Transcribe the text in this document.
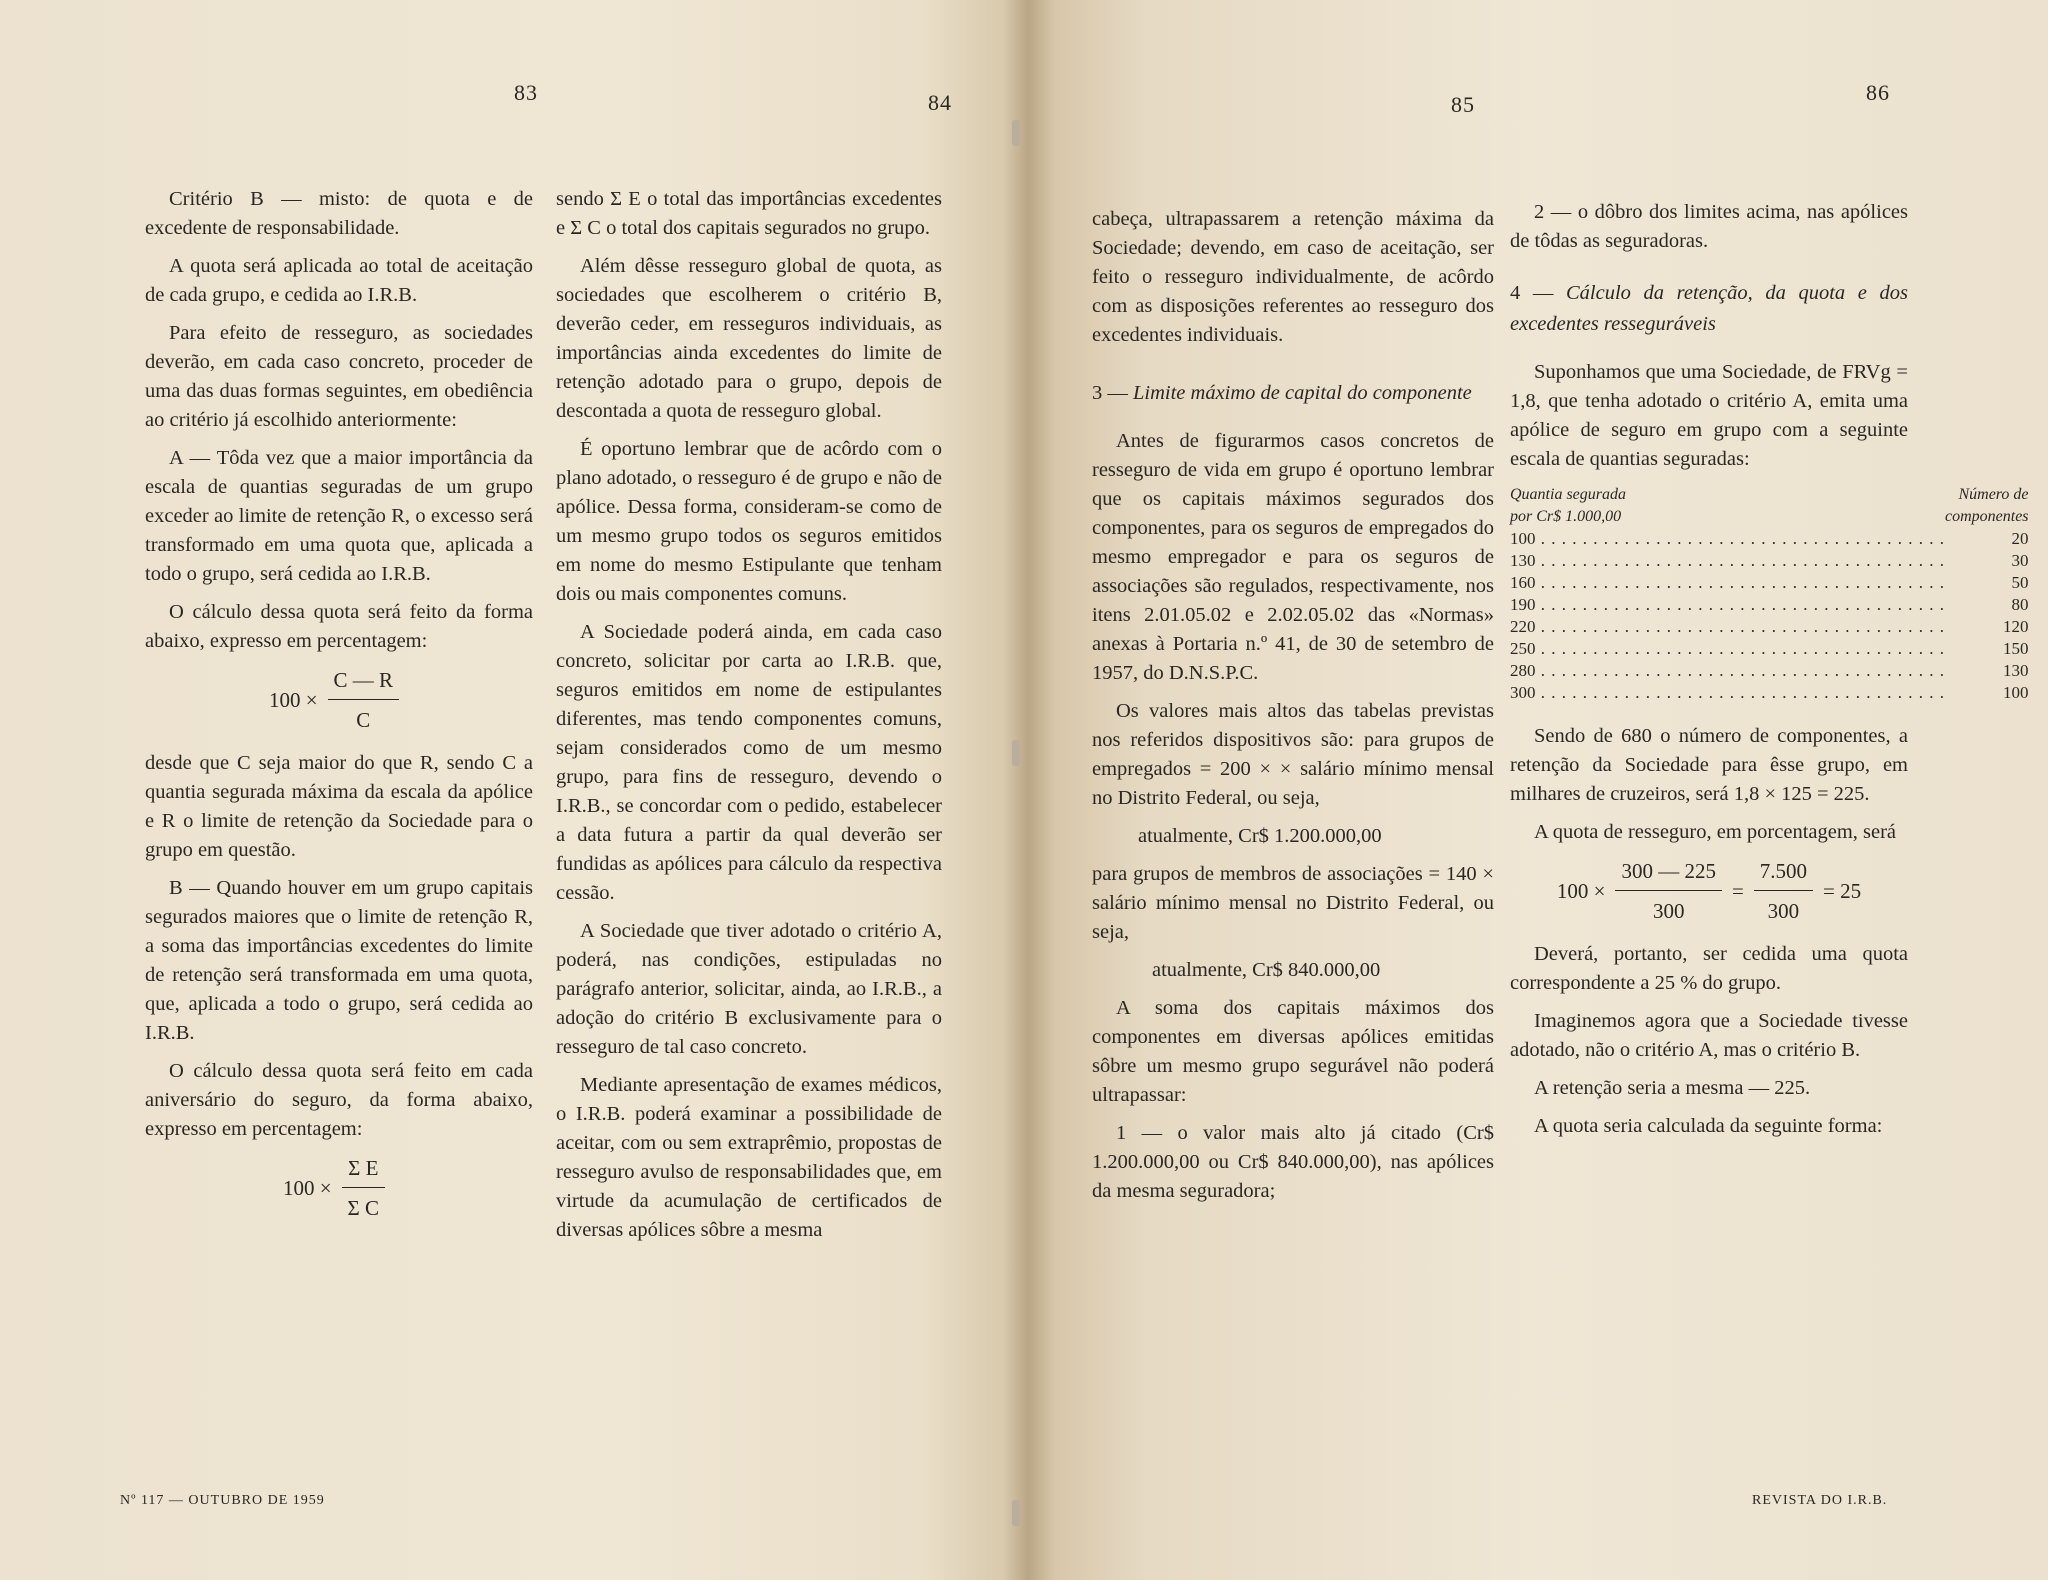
83	84

Critério B — misto: de quota e de excedente de responsabilidade.

A quota será aplicada ao total de aceitação de cada grupo, e cedida ao I.R.B.

Para efeito de resseguro, as sociedades deverão, em cada caso concreto, proceder de uma das duas formas seguintes, em obediência ao critério já escolhido anteriormente:

A — Tôda vez que a maior importância da escala de quantias seguradas de um grupo exceder ao limite de retenção R, o excesso será transformado em uma quota que, aplicada a todo o grupo, será cedida ao I.R.B.

O cálculo dessa quota será feito da forma abaixo, expresso em percentagem:

$100 \times \frac{C — R}{C}$

desde que C seja maior do que R, sendo C a quantia segurada máxima da escala da apólice e R o limite de retenção da Sociedade para o grupo em questão.

B — Quando houver em um grupo capitais segurados maiores que o limite de retenção R, a soma das importâncias excedentes do limite de retenção será transformada em uma quota, que, aplicada a todo o grupo, será cedida ao I.R.B.

O cálculo dessa quota será feito em cada aniversário do seguro, da forma abaixo, expresso em percentagem:

$100 \times \frac{\text{Σ E}}{\text{Σ C}}$

sendo Σ E o total das importâncias excedentes e Σ C o total dos capitais segurados no grupo.

Além dêsse resseguro global de quota, as sociedades que escolherem o critério B, deverão ceder, em resseguros individuais, as importâncias ainda excedentes do limite de retenção adotado para o grupo, depois de descontada a quota de resseguro global.

É oportuno lembrar que de acôrdo com o plano adotado, o resseguro é de grupo e não de apólice. Dessa forma, consideram-se como de um mesmo grupo todos os seguros emitidos em nome do mesmo Estipulante que tenham dois ou mais componentes comuns.

A Sociedade poderá ainda, em cada caso concreto, solicitar por carta ao I.R.B. que, seguros emitidos em nome de estipulantes diferentes, mas tendo componentes comuns, sejam considerados como de um mesmo grupo, para fins de resseguro, devendo o I.R.B., se concordar com o pedido, estabelecer a data futura a partir da qual deverão ser fundidas as apólices para cálculo da respectiva cessão.

A Sociedade que tiver adotado o critério A, poderá, nas condições, estipuladas no parágrafo anterior, solicitar, ainda, ao I.R.B., a adoção do critério B exclusivamente para o resseguro de tal caso concreto.

Mediante apresentação de exames médicos, o I.R.B. poderá examinar a possibilidade de aceitar, com ou sem extraprêmio, propostas de resseguro avulso de responsabilidades que, em virtude da acumulação de certificados de diversas apólices sôbre a mesma

Nº 117 — OUTUBRO DE 1959
85	86

cabeça, ultrapassarem a retenção máxima da Sociedade; devendo, em caso de aceitação, ser feito o resseguro individualmente, de acôrdo com as disposições referentes ao resseguro dos excedentes individuais.

3 — Limite máximo de capital do componente

Antes de figurarmos casos concretos de resseguro de vida em grupo é oportuno lembrar que os capitais máximos segurados dos componentes, para os seguros de empregados do mesmo empregador e para os seguros de associações são regulados, respectivamente, nos itens 2.01.05.02 e 2.02.05.02 das «Normas» anexas à Portaria n.º 41, de 30 de setembro de 1957, do D.N.S.P.C.

Os valores mais altos das tabelas previstas nos referidos dispositivos são: para grupos de empregados = 200 × × salário mínimo mensal no Distrito Federal, ou seja,

atualmente, Cr$ 1.200.000,00

para grupos de membros de associações = 140 × salário mínimo mensal no Distrito Federal, ou seja,

atualmente, Cr$ 840.000,00

A soma dos capitais máximos dos componentes em diversas apólices emitidas sôbre um mesmo grupo segurável não poderá ultrapassar:

1 — o valor mais alto já citado (Cr$ 1.200.000,00 ou Cr$ 840.000,00), nas apólices da mesma seguradora;

2 — o dôbro dos limites acima, nas apólices de tôdas as seguradoras.

4 — Cálculo da retenção, da quota e dos excedentes resseguráveis

Suponhamos que uma Sociedade, de FRVg = 1,8, que tenha adotado o critério A, emita uma apólice de seguro em grupo com a seguinte escala de quantias seguradas:

Quantia segurada	Número de
por Cr$ 1.000,00	componentes
100 . . .	20
130 . . .	30
160 . . .	50
190 . . .	80
220 . . .	120
250 . . .	150
280 . . .	130
300 . . .	100

Sendo de 680 o número de componentes, a retenção da Sociedade para êsse grupo, em milhares de cruzeiros, será 1,8 × 125 = 225.

A quota de resseguro, em porcentagem, será

$100 \times \frac{300 — 225}{300} = \frac{7.500}{300} = 25$

Deverá, portanto, ser cedida uma quota correspondente a 25 % do grupo.

Imaginemos agora que a Sociedade tivesse adotado, não o critério A, mas o critério B.

A retenção seria a mesma — 225.

A quota seria calculada da seguinte forma:

REVISTA DO I.R.B.
